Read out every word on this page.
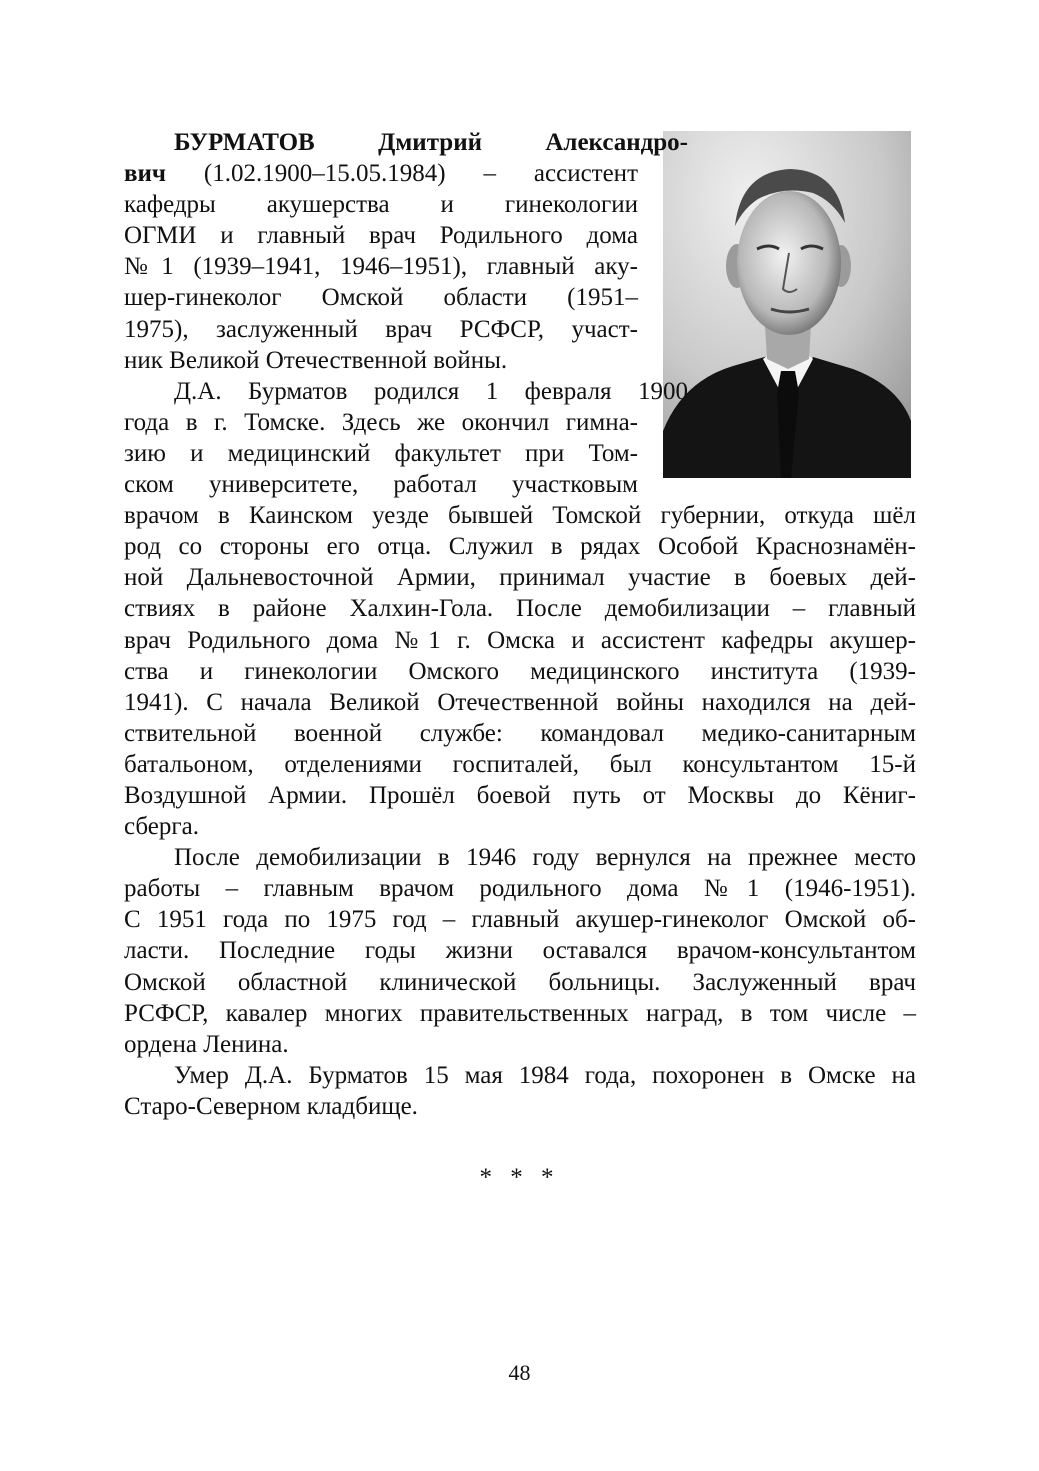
БУРМАТОВ Дмитрий Александро-
вич (1.02.1900–15.05.1984) – ассистент
кафедры акушерства и гинекологии
ОГМИ и главный врач Родильного дома
№1 (1939–1941, 1946–1951), главный аку-
шер-гинеколог Омской области (1951–
1975), заслуженный врач РСФСР, участ-
ник Великой Отечественной войны.
Д.А. Бурматов родился 1 февраля 1900
года в г. Томске. Здесь же окончил гимна-
зию и медицинский факультет при Том-
ском университете, работал участковым
врачом в Каинском уезде бывшей Томской губернии, откуда шёл
род со стороны его отца. Служил в рядах Особой Краснознамён-
ной Дальневосточной Армии, принимал участие в боевых дей-
ствиях в районе Халхин-Гола. После демобилизации – главный
врач Родильного дома №1 г. Омска и ассистент кафедры акушер-
ства и гинекологии Омского медицинского института (1939-
1941). С начала Великой Отечественной войны находился на дей-
ствительной военной службе: командовал медико-санитарным
батальоном, отделениями госпиталей, был консультантом 15-й
Воздушной Армии. Прошёл боевой путь от Москвы до Кёниг-
сберга.
После демобилизации в 1946 году вернулся на прежнее место
работы – главным врачом родильного дома №1 (1946-1951).
С 1951 года по 1975 год – главный акушер-гинеколог Омской об-
ласти. Последние годы жизни оставался врачом-консультантом
Омской областной клинической больницы. Заслуженный врач
РСФСР, кавалер многих правительственных наград, в том числе –
ордена Ленина.
Умер Д.А. Бурматов 15 мая 1984 года, похоронен в Омске на
Старо-Северном кладбище.
* * *
48
